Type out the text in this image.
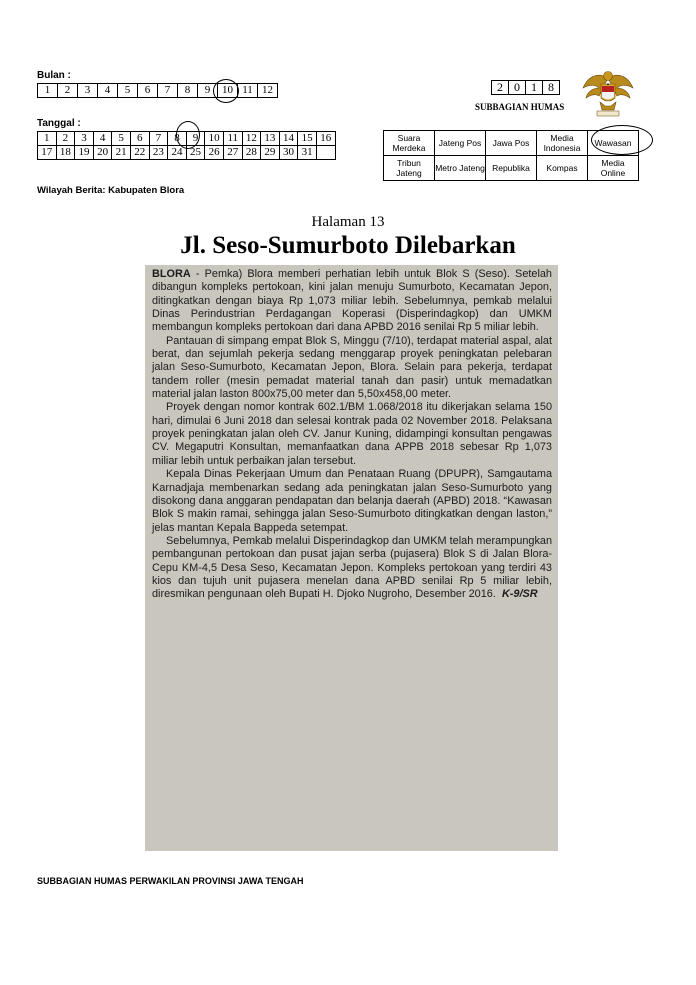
Bulan :
1	2	3	4	5	6	7	8	9	10	11	12
Tanggal :
1	2	3	4	5	6	7	8	9	10	11	12	13	14	15	16
17	18	19	20	21	22	23	24	25	26	27	28	29	30	31	
2	0	1	8
SUBBAGIAN HUMAS
Suara Merdeka	Jateng Pos	Jawa Pos	Media Indonesia	Wawasan
Tribun Jateng	Metro Jateng	Republika	Kompas	Media Online
Wilayah Berita: Kabupaten Blora
Halaman 13
Jl. Seso-Sumurboto Dilebarkan

BLORA - Pemka) Blora memberi perhatian lebih untuk Blok S (Seso). Setelah dibangun kompleks pertokoan, kini jalan menuju Sumurboto, Kecamatan Jepon, ditingkatkan dengan biaya Rp 1,073 miliar lebih. Sebelumnya, pemkab melalui Dinas Perindustrian Perdagangan Koperasi (Disperindagkop) dan UMKM membangun kompleks pertokoan dari dana APBD 2016 senilai Rp 5 miliar lebih.

Pantauan di simpang empat Blok S, Minggu (7/10), terdapat material aspal, alat berat, dan sejumlah pekerja sedang menggarap proyek peningkatan pelebaran jalan Seso-Sumurboto, Kecamatan Jepon, Blora. Selain para pekerja, terdapat tandem roller (mesin pemadat material tanah dan pasir) untuk memadatkan material jalan laston 800x75,00 meter dan 5,50x458,00 meter.

Proyek dengan nomor kontrak 602.1/BM 1.068/2018 itu dikerjakan selama 150 hari, dimulai 6 Juni 2018 dan selesai kontrak pada 02 November 2018. Pelaksana proyek peningkatan jalan oleh CV. Janur Kuning, didampingi konsultan pengawas CV. Megaputri Konsultan, memanfaatkan dana APPB 2018 sebesar Rp 1,073 miliar lebih untuk perbaikan jalan tersebut.

Kepala Dinas Pekerjaan Umum dan Penataan Ruang (DPUPR), Samgautama Karnadjaja membenarkan sedang ada peningkatan jalan Seso-Sumurboto yang disokong dana anggaran pendapatan dan belanja daerah (APBD) 2018. “Kawasan Blok S makin ramai, sehingga jalan Seso-Sumurboto ditingkatkan dengan laston,” jelas mantan Kepala Bappeda setempat.

Sebelumnya, Pemkab melalui Disperindagkop dan UMKM telah merampungkan pembangunan pertokoan dan pusat jajan serba (pujasera) Blok S di Jalan Blora-Cepu KM-4,5 Desa Seso, Kecamatan Jepon. Kompleks pertokoan yang terdiri 43 kios dan tujuh unit pujasera menelan dana APBD senilai Rp 5 miliar lebih, diresmikan pengunaan oleh Bupati H. Djoko Nugroho, Desember 2016. K-9/SR

SUBBAGIAN HUMAS PERWAKILAN PROVINSI JAWA TENGAH
